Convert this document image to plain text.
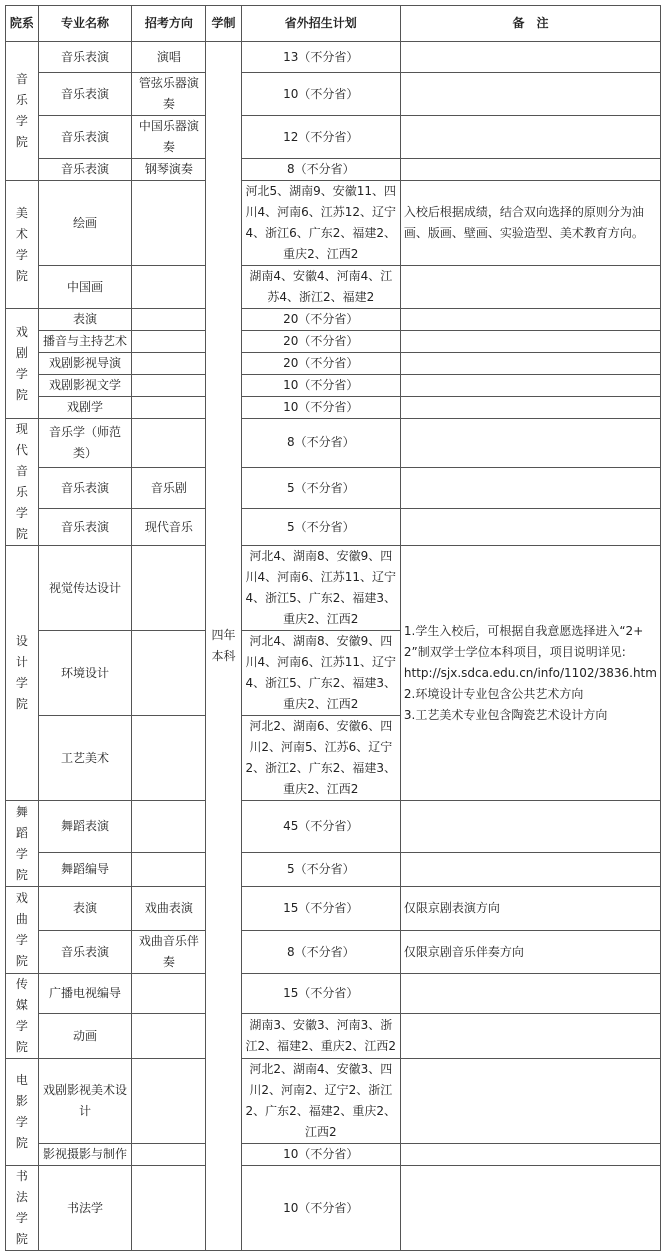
院系	专业名称	招考方向	学制	省外招生计划	备　注
音乐学院	音乐表演	演唱	四年本科	13（不分省）	
	音乐表演	管弦乐器演奏		10（不分省）	
	音乐表演	中国乐器演奏		12（不分省）	
	音乐表演	钢琴演奏		8（不分省）	
美术学院	绘画			河北5、湖南9、安徽11、四川4、河南6、江苏12、辽宁4、浙江6、广东2、福建2、重庆2、江西2	入校后根据成绩，结合双向选择的原则分为油画、版画、壁画、实验造型、美术教育方向。
	中国画			湖南4、安徽4、河南4、江苏4、浙江2、福建2	
戏剧学院	表演			20（不分省）	
	播音与主持艺术			20（不分省）	
	戏剧影视导演			20（不分省）	
	戏剧影视文学			10（不分省）	
	戏剧学			10（不分省）	
现代音乐学院	音乐学（师范类）			8（不分省）	
	音乐表演	音乐剧		5（不分省）	
	音乐表演	现代音乐		5（不分省）	
设计学院	视觉传达设计			河北4、湖南8、安徽9、四川4、河南6、江苏11、辽宁4、浙江5、广东2、福建3、重庆2、江西2	1.学生入校后，可根据自我意愿选择进入“2+2”制双学士学位本科项目，项目说明详见:
http://sjx.sdca.edu.cn/info/1102/3836.htm
2.环境设计专业包含公共艺术方向
3.工艺美术专业包含陶瓷艺术设计方向

	环境设计			河北4、湖南8、安徽9、四川4、河南6、江苏11、辽宁4、浙江5、广东2、福建3、重庆2、江西2	
	工艺美术			河北2、湖南6、安徽6、四川2、河南5、江苏6、辽宁2、浙江2、广东2、福建3、重庆2、江西2	
舞蹈学院	舞蹈表演			45（不分省）	
	舞蹈编导			5（不分省）	
戏曲学院	表演	戏曲表演		15（不分省）	仅限京剧表演方向
	音乐表演	戏曲音乐伴奏		8（不分省）	仅限京剧音乐伴奏方向
传媒学院	广播电视编导			15（不分省）	
	动画			湖南3、安徽3、河南3、浙江2、福建2、重庆2、江西2	
电影学院	戏剧影视美术设计			河北2、湖南4、安徽3、四川2、河南2、辽宁2、浙江2、广东2、福建2、重庆2、江西2	
	影视摄影与制作			10（不分省）	
书法学院	书法学			10（不分省）	
